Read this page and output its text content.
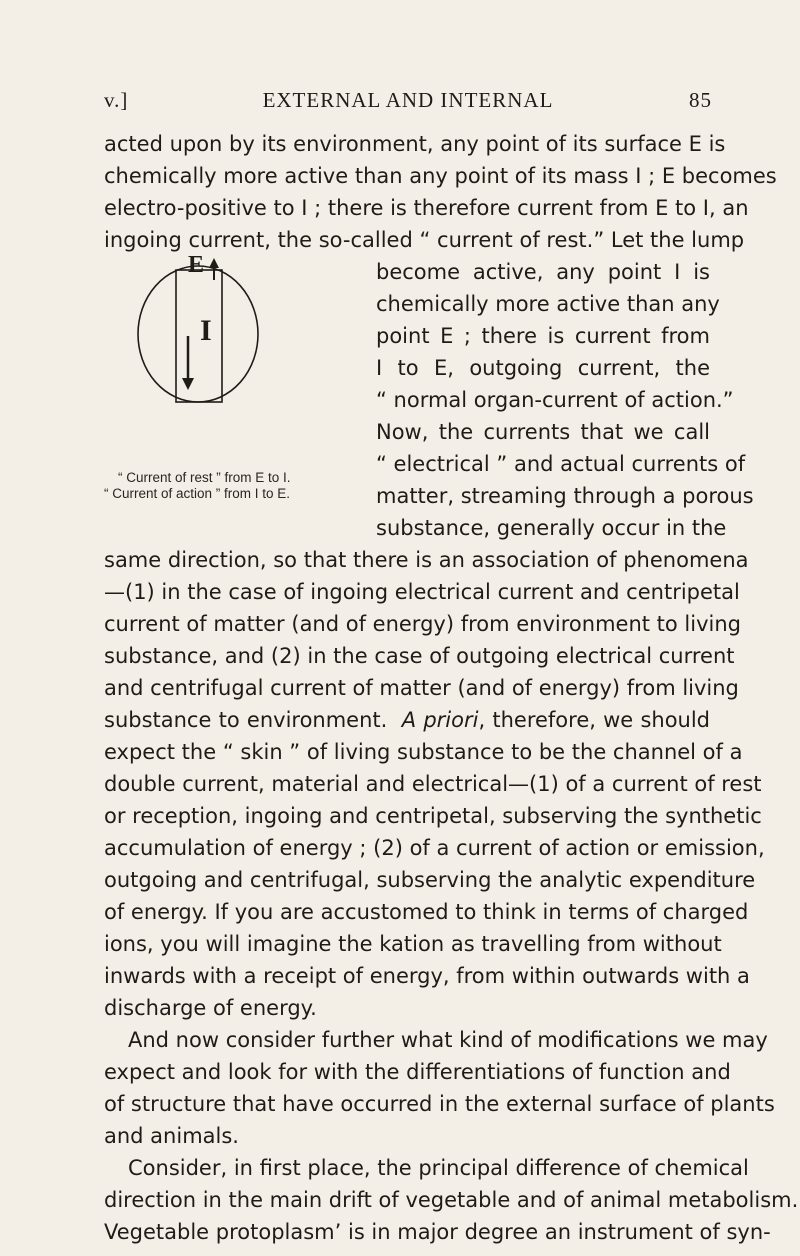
v.]	EXTERNAL AND INTERNAL	85
acted upon by its environment, any point of its surface E is
chemically more active than any point of its mass I ; E becomes
electro-positive to I ; there is therefore current from E to I, an
ingoing current, the so-called “ current of rest.” Let the lump
become active, any point I is
chemically more active than any
point E ; there is current from
I to E, outgoing current, the
“ normal organ-current of action.”
Now, the currents that we call
“ electrical ” and actual currents of
matter, streaming through a porous
substance, generally occur in the
same direction, so that there is an association of phenomena
—(1) in the case of ingoing electrical current and centripetal
current of matter (and of energy) from environment to living
substance, and (2) in the case of outgoing electrical current
and centrifugal current of matter (and of energy) from living
substance to environment. A priori, therefore, we should
expect the “ skin ” of living substance to be the channel of a
double current, material and electrical—(1) of a current of rest
or reception, ingoing and centripetal, subserving the synthetic
accumulation of energy ; (2) of a current of action or emission,
outgoing and centrifugal, subserving the analytic expenditure
of energy. If you are accustomed to think in terms of charged
ions, you will imagine the kation as travelling from without
inwards with a receipt of energy, from within outwards with a
discharge of energy.
And now consider further what kind of modifications we may
expect and look for with the differentiations of function and
of structure that have occurred in the external surface of plants
and animals.
Consider, in first place, the principal difference of chemical
direction in the main drift of vegetable and of animal metabolism.
Vegetable protoplasm’ is in major degree an instrument of syn-
E
I
“ Current of rest ” from E to I.
“ Current of action ” from I to E.
